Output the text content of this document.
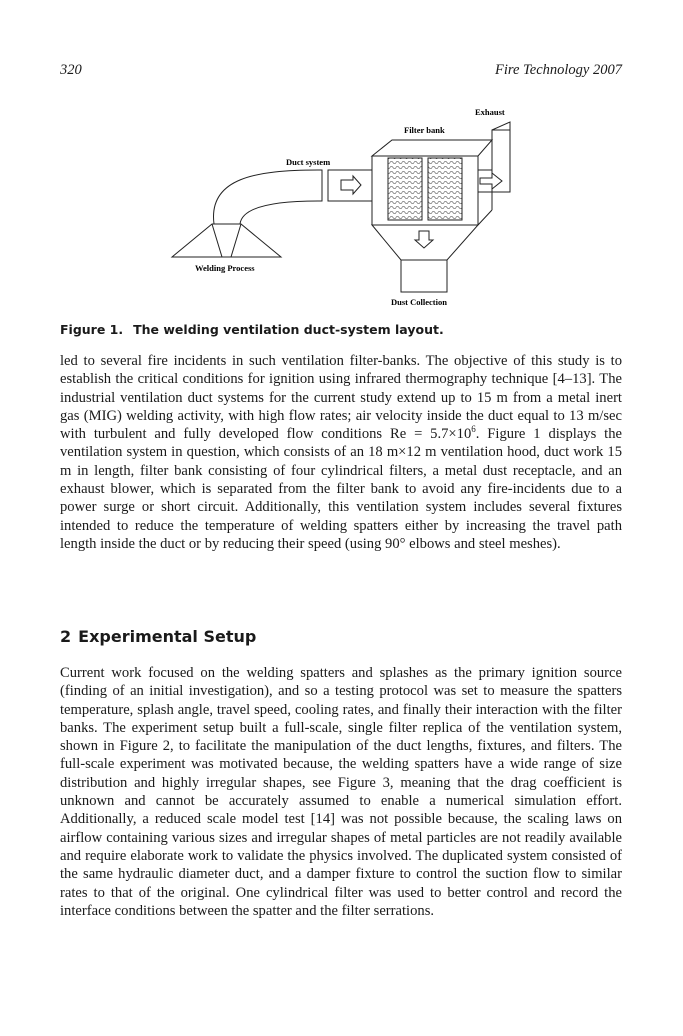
320	Fire Technology 2007
Exhaust
Filter bank
Duct system
Welding Process
Dust Collection
Figure 1. The welding ventilation duct-system layout.

led to several fire incidents in such ventilation filter-banks. The objective of this study is to establish the critical conditions for ignition using infrared thermography technique [4–13]. The industrial ventilation duct systems for the current study extend up to 15 m from a metal inert gas (MIG) welding activity, with high flow rates; air velocity inside the duct equal to 13 m/sec with turbulent and fully developed flow conditions $Re = 5.7\times 10^6$. Figure 1 displays the ventilation system in question, which consists of an 18 m×12 m ventilation hood, duct work 15 m in length, filter bank consisting of four cylindrical filters, a metal dust receptacle, and an exhaust blower, which is separated from the filter bank to avoid any fire-incidents due to a power surge or short circuit. Additionally, this ventilation system includes several fixtures intended to reduce the temperature of welding spatters either by increasing the travel path length inside the duct or by reducing their speed (using 90° elbows and steel meshes).

2 Experimental Setup

Current work focused on the welding spatters and splashes as the primary ignition source (finding of an initial investigation), and so a testing protocol was set to measure the spatters temperature, splash angle, travel speed, cooling rates, and finally their interaction with the filter banks. The experiment setup built a full-scale, single filter replica of the ventilation system, shown in Figure 2, to facilitate the manipulation of the duct lengths, fixtures, and filters. The full-scale experiment was motivated because, the welding spatters have a wide range of size distribution and highly irregular shapes, see Figure 3, meaning that the drag coefficient is unknown and cannot be accurately assumed to enable a numerical simulation effort. Additionally, a reduced scale model test [14] was not possible because, the scaling laws on airflow containing various sizes and irregular shapes of metal particles are not readily available and require elaborate work to validate the physics involved. The duplicated system consisted of the same hydraulic diameter duct, and a damper fixture to control the suction flow to similar rates to that of the original. One cylindrical filter was used to better control and record the interface conditions between the spatter and the filter serrations.
